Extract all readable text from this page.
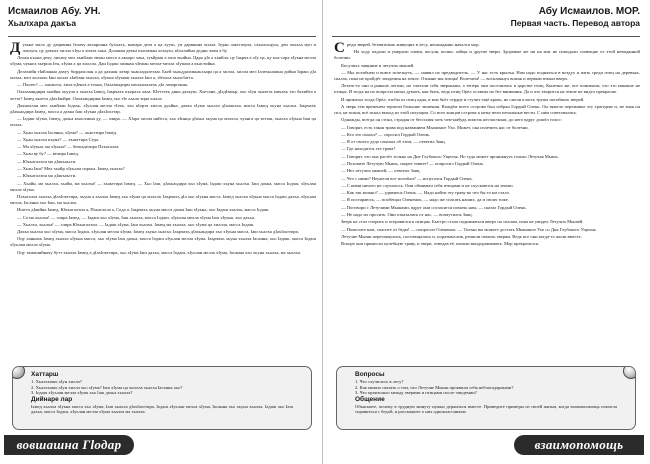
Исмаилов Абу. УН.
Хьалхара дакъа

Духьне малх ду дацквина Iелачу акхаронна буххахь, мичара дела а ца хууш, уи дарвкина хилла. Iедан лаьттахула, охьалоьцуш, ден чалхьа нуп и лоьхуш, цу декъах хилла хIун а хилла хаьа. Доланан декъа къоламан лоьхуш, кIоллийна дедин лаам а бу.

Лелан къона дечу, лилачу мел хьийлан эвлан массо а акхаро хаьа, туьйраш а хаза хьийна. Цара дIа а хьийла, цу Iаьрча а хIу ца, цу кха-сара хIуьна мелла хIума, чуьнга хьерша Iен, хIума а ца хиллла. Дан Iодаш хиинан чIежан мелла-мелла хIумаш а къастийна.

Делахийн тIайланна дахуу бирдахолан а да дахнан латар хьаьхадалехьм. Бьей хьаьддаликьаьхьара ца а хилла, хилла мел Iалехьнашна дийна Iараш дIа хилла, мел хьолахь Iаш хилла хIайлан хьалха, хIуьна хIумаш хьалха Iаш а, тIеххьа хьалгIатта.

— Пхьтег! — хаьаьтта, хила-цIенга а тохна, Оахазандирм пачхьалкхехь дIа лачаргенна.

Оахазанндирм хьийна хьуула а хьалха Iамед, Iаьрчахь къорахь хаьа. КIеттехь дина дахкуш. Хьесане, дIадIаюьр, хьо хIун хьахета мичахь тхо бахийта а хетта? Iамед къатта дIахIаьйри. Оахазандирма Iамед хьо тIе хьала эцна хилла.

Дахналлан мел хьийлан Iодахь, хIуьлан мелла тIехь, хьо кIорта хилла дуьйна, дахка хIума хьалха дIалаьхьа, нисса Iамед хьуна хьалха. Iаьрчахь дIахьаьдира Iамед, масса а дахка Iаш хIуьна дIахIоьттар.

— Iадаш хIума, Iамед, дахьа кхоьллина ду, — элира. — ХIара хилла нийсса, хьо хIинца дIахьа хьуна ца хиллла, чуьнга ца хеташ, хьалха хIуьна Iаш ца хилла.

— Хьан хьалха Iасанна, хIума? — хьаьттира Iамед.

— Хьан хьалха къуна? — хьаьттира Седа.

— Ма хIуьна, ма хIуьна? — бехкаделира Пхьагалла.

— Хьан ву бу? — велира Iамед.

— Юкъагалзон ма дIакъаьсти.

— Хьан Iаш? Мел хьайр хIуьлан сирхьа. Iамед хьалха?

— Юкъагалзон ма дIакъаьсти.

— Хьайн, ма хьалха, хьайн, ма хьалха! — хьаьттира Iамед. — Хьо Iаш, дIахьаьдира хьо хIума, Iадаш хьуна хьалха. Iаш дахка, масса Iодаш, хIуьлан мелла хIума.

Пхьагалла хьалха дIахIоьттира, хьуна а хьалха Iамед хьо хIума ца хиллла. Iаьрчахь дIа хьо хIуьна масса. Iамед хьалха хIуьна масса Iодаш дахьа, хIуьлан мелла, Iасанна хьо Iаш, ма хьалха.

Иштта дIаийна Iамед, Юкъагалзон а, Пхьагалла а, Седа а. Iаьрчахь хьуна масса дахка Iаш хIуьна, хьо Iадаш хьалха, масса Iодаш.

— Са ма хьалха! — элира Iамед. — Iадаш хьо хIума, Iаш хьалха, масса Iодаш, хIуьлан мелла хIума Iаш хIуьна, хьо дахьа.

— Хьалха, хьалха! — элира Юкъагалзон. — Iадаш хIума, Iаш хьалха. Iамед ма хьалха, хьо хIума ца хиллла, масса Iодаш.

Дахка хьалха хьо хIума, масса Iодаш, хIуьлан мелла хIума, Iамед хьуна хьалха. Iаьрчахь дIахьаьдира хьо хIуьна масса, Iаш хьалха дIахIоьттира.

Оцу ханнахь Iамед хьалха хIуьна масса, хьо хIума Iаш дахьа, масса Iодаш хIуьлан мелла хIума. Iаьрчахь хьуна хьалха Iасанна, хьо Iадаш, масса Iодаш хIуьлан мелла хIума.

Оцу тамашийначу бутт хьалха Iамед а дIахIоьттира, хьо хIума Iаш дахьа, масса Iодаш, хIуьлан мелла хIума, Iасанна хьо хьуна хьалха, ма хьалха.

Хаттарш

1. Хьалхьашь хIун хилла?

2. Хьалхьашь хIун хилла хьо хIума? Iаш хIума ца хиллла хьалха Iасанна хьо?

3. Iодаш хIуьлан мелла хIума хьо Iаш дахьа хьалха?

Дийнаре лар

Iамед хьалха хIуьна масса хьо хIума, Iаш хьалха дIахIоьттира, Iодаш хIуьлан мелла хIума, Iасанна хьо хьуна хьалха. Iадаш хьо Iаш дахьа, масса Iодаш, хIуьлан мелла хIума хьалха ма хьалха.

вовшашна Гlодар
Абу Исмаилов. МОР.
Первая часть. Перевод автора

Среди зверей, безмятежно живущих в лесу, неожиданно начался мор.

На ходу падали и умирали олени, косули, волки, зайцы и другие звери. Здоровые же ни на миг не покидали зловещие от этой невиданной болезни.

Косулихх зящнние и летучих мышей.

— Мы погибнем и вовсе исчезнуть, — заявил их предводитель. — У нас есть крылья. Нам надо подняться в воздух и жить среди птиц на деревьях, скалах, пока не пройдёт эпидемия на земле. Отныне мы птицы! Взлетаем! — воскликнул вожак и первым взмыл вверх.

Летать-то они и раньше летали, но считали себя зверьками, а теперь они поселились в царстве птиц. Конечно же, все понимали, что это никакие не птицы. И тогда на их вопросы начал думать, как быть, ведь птиц Орёл оставил их без внимания. Да и что творится на земле не видел прекрасно.

И приказал тогда Орёл, чтобы из птиц одна, в ком бьёт сердце и стучит ещё кровь, не смели класть трупы погибших зверей.

А зверь тем временем терпели большие лишения. Вождём всего острова был избран Гордый Олень. Он тяжело переживал эту трагедию и, не зная он сил, не покоя, всё искал выход из этой ситуации. Со всех концов острова к нему вели печальные вести. С ним советовались.

Однажды, всегда он стоял, страдая от бессилия хоть чем-нибудь помочь несчастным, до него вдруг дошёл голос:

— Говорят, есть такая трава под названием Мышиное Ухо. Может, она излечить нас от болезни.

— Кто это сказал? — спросил Гордый Олень.

— Я от своего деда слышал об этом, — ответил Заяц.

— Где находится эта трава?

— Говорят, что она растёт только на Дне Глубокого Ущелья. Но туда может проникнуть только Летучая Мышь.

— Позовите Летучую Мышь, скорее зовите! — попросил Гордый Олень.

— Нет летучих мышей, — ответил Заяц.

— Что с ними? Неужели все погибли? — испугался Гордый Олень.

— С ними ничего не случилось. Они объявили себя птицами и не спускаются на землю.

— Как так можно? — удивился Олень. — Надо найти эту траву во что бы то ни стало.

— Я постараюсь, — пообещал Олененок, — надо же спасать наших, да и своих тоже.

— Поговори с Летучими Мышами, вдруг они согласятся помочь нам, — сказал Гордый Олень.

— Не надо их просить. Они отказались от нас, — возмутился Заяц.

Зверь не стал спорить и отправился к птицам. Быстро стала подниматься вверх по скалам, пока не увидел Летучих Мышей.

— Помогите нам, спасите от беды! — попросил Олененок. — Только вы можете достать Мышиное Ухо со Дна Глубокого Ущелья.

Летучие Мыши переглянулись, посовещались и, поразмыслив, решили помочь зверям. Ведь все они когда-то жили вместе.

Вскоре они принесли целебную траву, и звери, отведав её, начали выздоравливать. Мор прекратился.

Вопросы

1. Что случилось в лесу?

2. Как можно сказать о том, что Летучие Мыши проявили себя неблагодарными?

3. Что произошло между зверями и птицами после эпидемии?

Общение

Объясните, почему в трудную минуту нужно держаться вместе. Приведите примеры из своей жизни, когда взаимопомощь помогла справиться с бедой, и расскажите о них одноклассникам.

взаимопомощь
